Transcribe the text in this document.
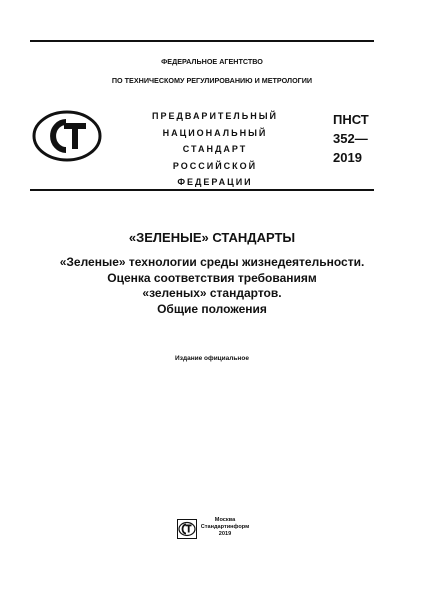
ФЕДЕРАЛЬНОЕ АГЕНТСТВО
ПО ТЕХНИЧЕСКОМУ РЕГУЛИРОВАНИЮ И МЕТРОЛОГИИ
ПРЕДВАРИТЕЛЬНЫЙ
НАЦИОНАЛЬНЫЙ
СТАНДАРТ
РОССИЙСКОЙ
ФЕДЕРАЦИИ
ПНСТ
352—
2019
«ЗЕЛЕНЫЕ» СТАНДАРТЫ
«Зеленые» технологии среды жизнедеятельности.
Оценка соответствия требованиям
«зеленых» стандартов.
Общие положения
Издание официальное
Москва
Стандартинформ
2019
